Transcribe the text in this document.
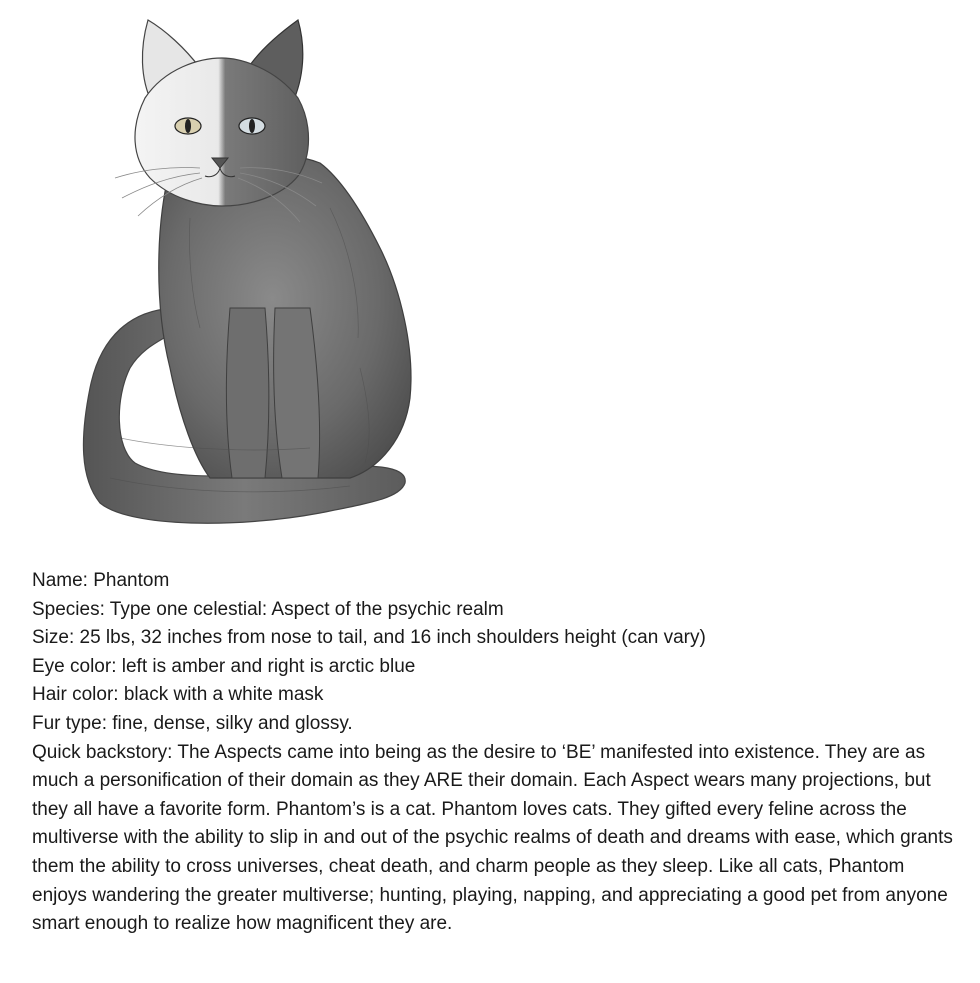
Name: Phantom
Species: Type one celestial: Aspect of the psychic realm
Size: 25 lbs, 32 inches from nose to tail, and 16 inch shoulders height (can vary)
Eye color: left is amber and right is arctic blue
Hair color: black with a white mask
Fur type: fine, dense, silky and glossy.
Quick backstory: The Aspects came into being as the desire to ‘BE’ manifested into existence. They are as much a personification of their domain as they ARE their domain. Each Aspect wears many projections, but they all have a favorite form. Phantom’s is a cat. Phantom loves cats. They gifted every feline across the multiverse with the ability to slip in and out of the psychic realms of death and dreams with ease, which grants them the ability to cross universes, cheat death, and charm people as they sleep. Like all cats, Phantom enjoys wandering the greater multiverse; hunting, playing, napping, and appreciating a good pet from anyone smart enough to realize how magnificent they are.
